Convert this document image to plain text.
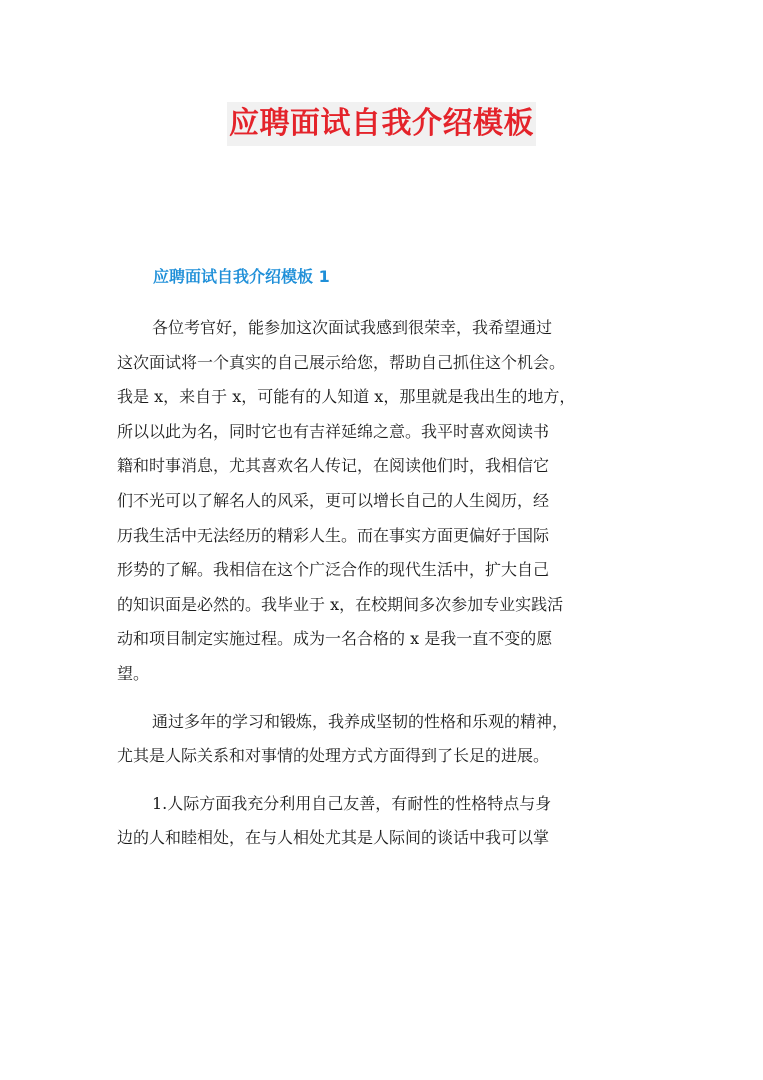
应聘面试自我介绍模板
应聘面试自我介绍模板 1

各位考官好，能参加这次面试我感到很荣幸，我希望通过
这次面试将一个真实的自己展示给您，帮助自己抓住这个机会。
我是 x，来自于 x，可能有的人知道 x，那里就是我出生的地方，
所以以此为名，同时它也有吉祥延绵之意。我平时喜欢阅读书
籍和时事消息，尤其喜欢名人传记，在阅读他们时，我相信它
们不光可以了解名人的风采，更可以增长自己的人生阅历，经
历我生活中无法经历的精彩人生。而在事实方面更偏好于国际
形势的了解。我相信在这个广泛合作的现代生活中，扩大自己
的知识面是必然的。我毕业于 x，在校期间多次参加专业实践活
动和项目制定实施过程。成为一名合格的 x 是我一直不变的愿
望。

通过多年的学习和锻炼，我养成坚韧的性格和乐观的精神，
尤其是人际关系和对事情的处理方式方面得到了长足的进展。

1.人际方面我充分利用自己友善，有耐性的性格特点与身
边的人和睦相处，在与人相处尤其是人际间的谈话中我可以掌
